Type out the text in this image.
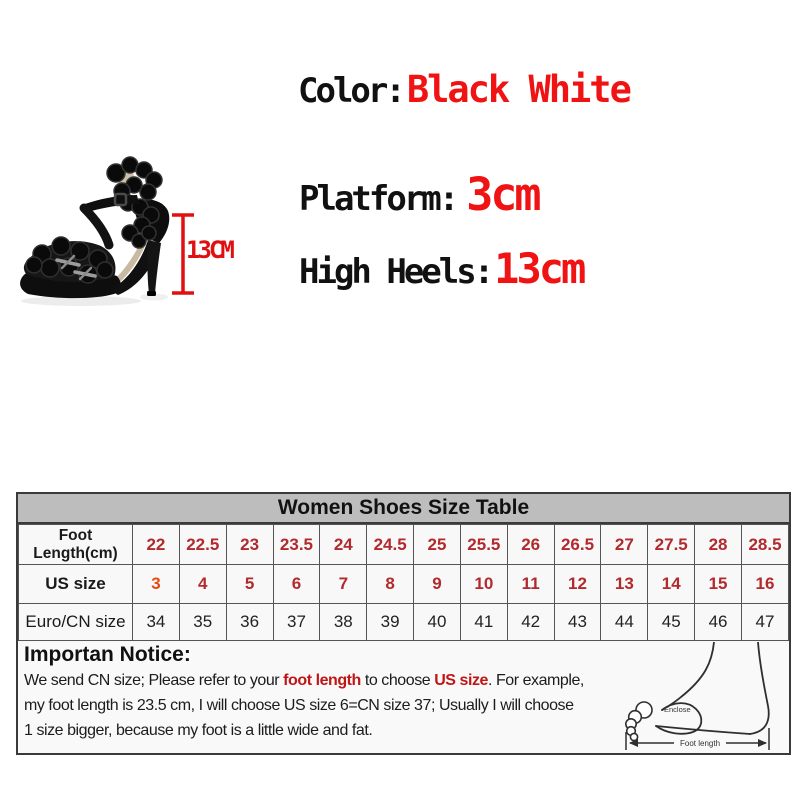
13CM
Color: Black White
Platform: 3cm
High Heels: 13cm
Women Shoes Size Table
Foot Length(cm)	22	22.5	23	23.5	24	24.5	25	25.5	26	26.5	27	27.5	28	28.5
US size	3	4	5	6	7	8	9	10	11	12	13	14	15	16
Euro/CN size	34	35	36	37	38	39	40	41	42	43	44	45	46	47
Importan Notice:

We send CN size; Please refer to your foot length to choose US size. For example,
my foot length is 23.5 cm, I will choose US size 6=CN size 37; Usually I will choose
1 size bigger, because my foot is a little wide and fat.

Enclose
Foot length
